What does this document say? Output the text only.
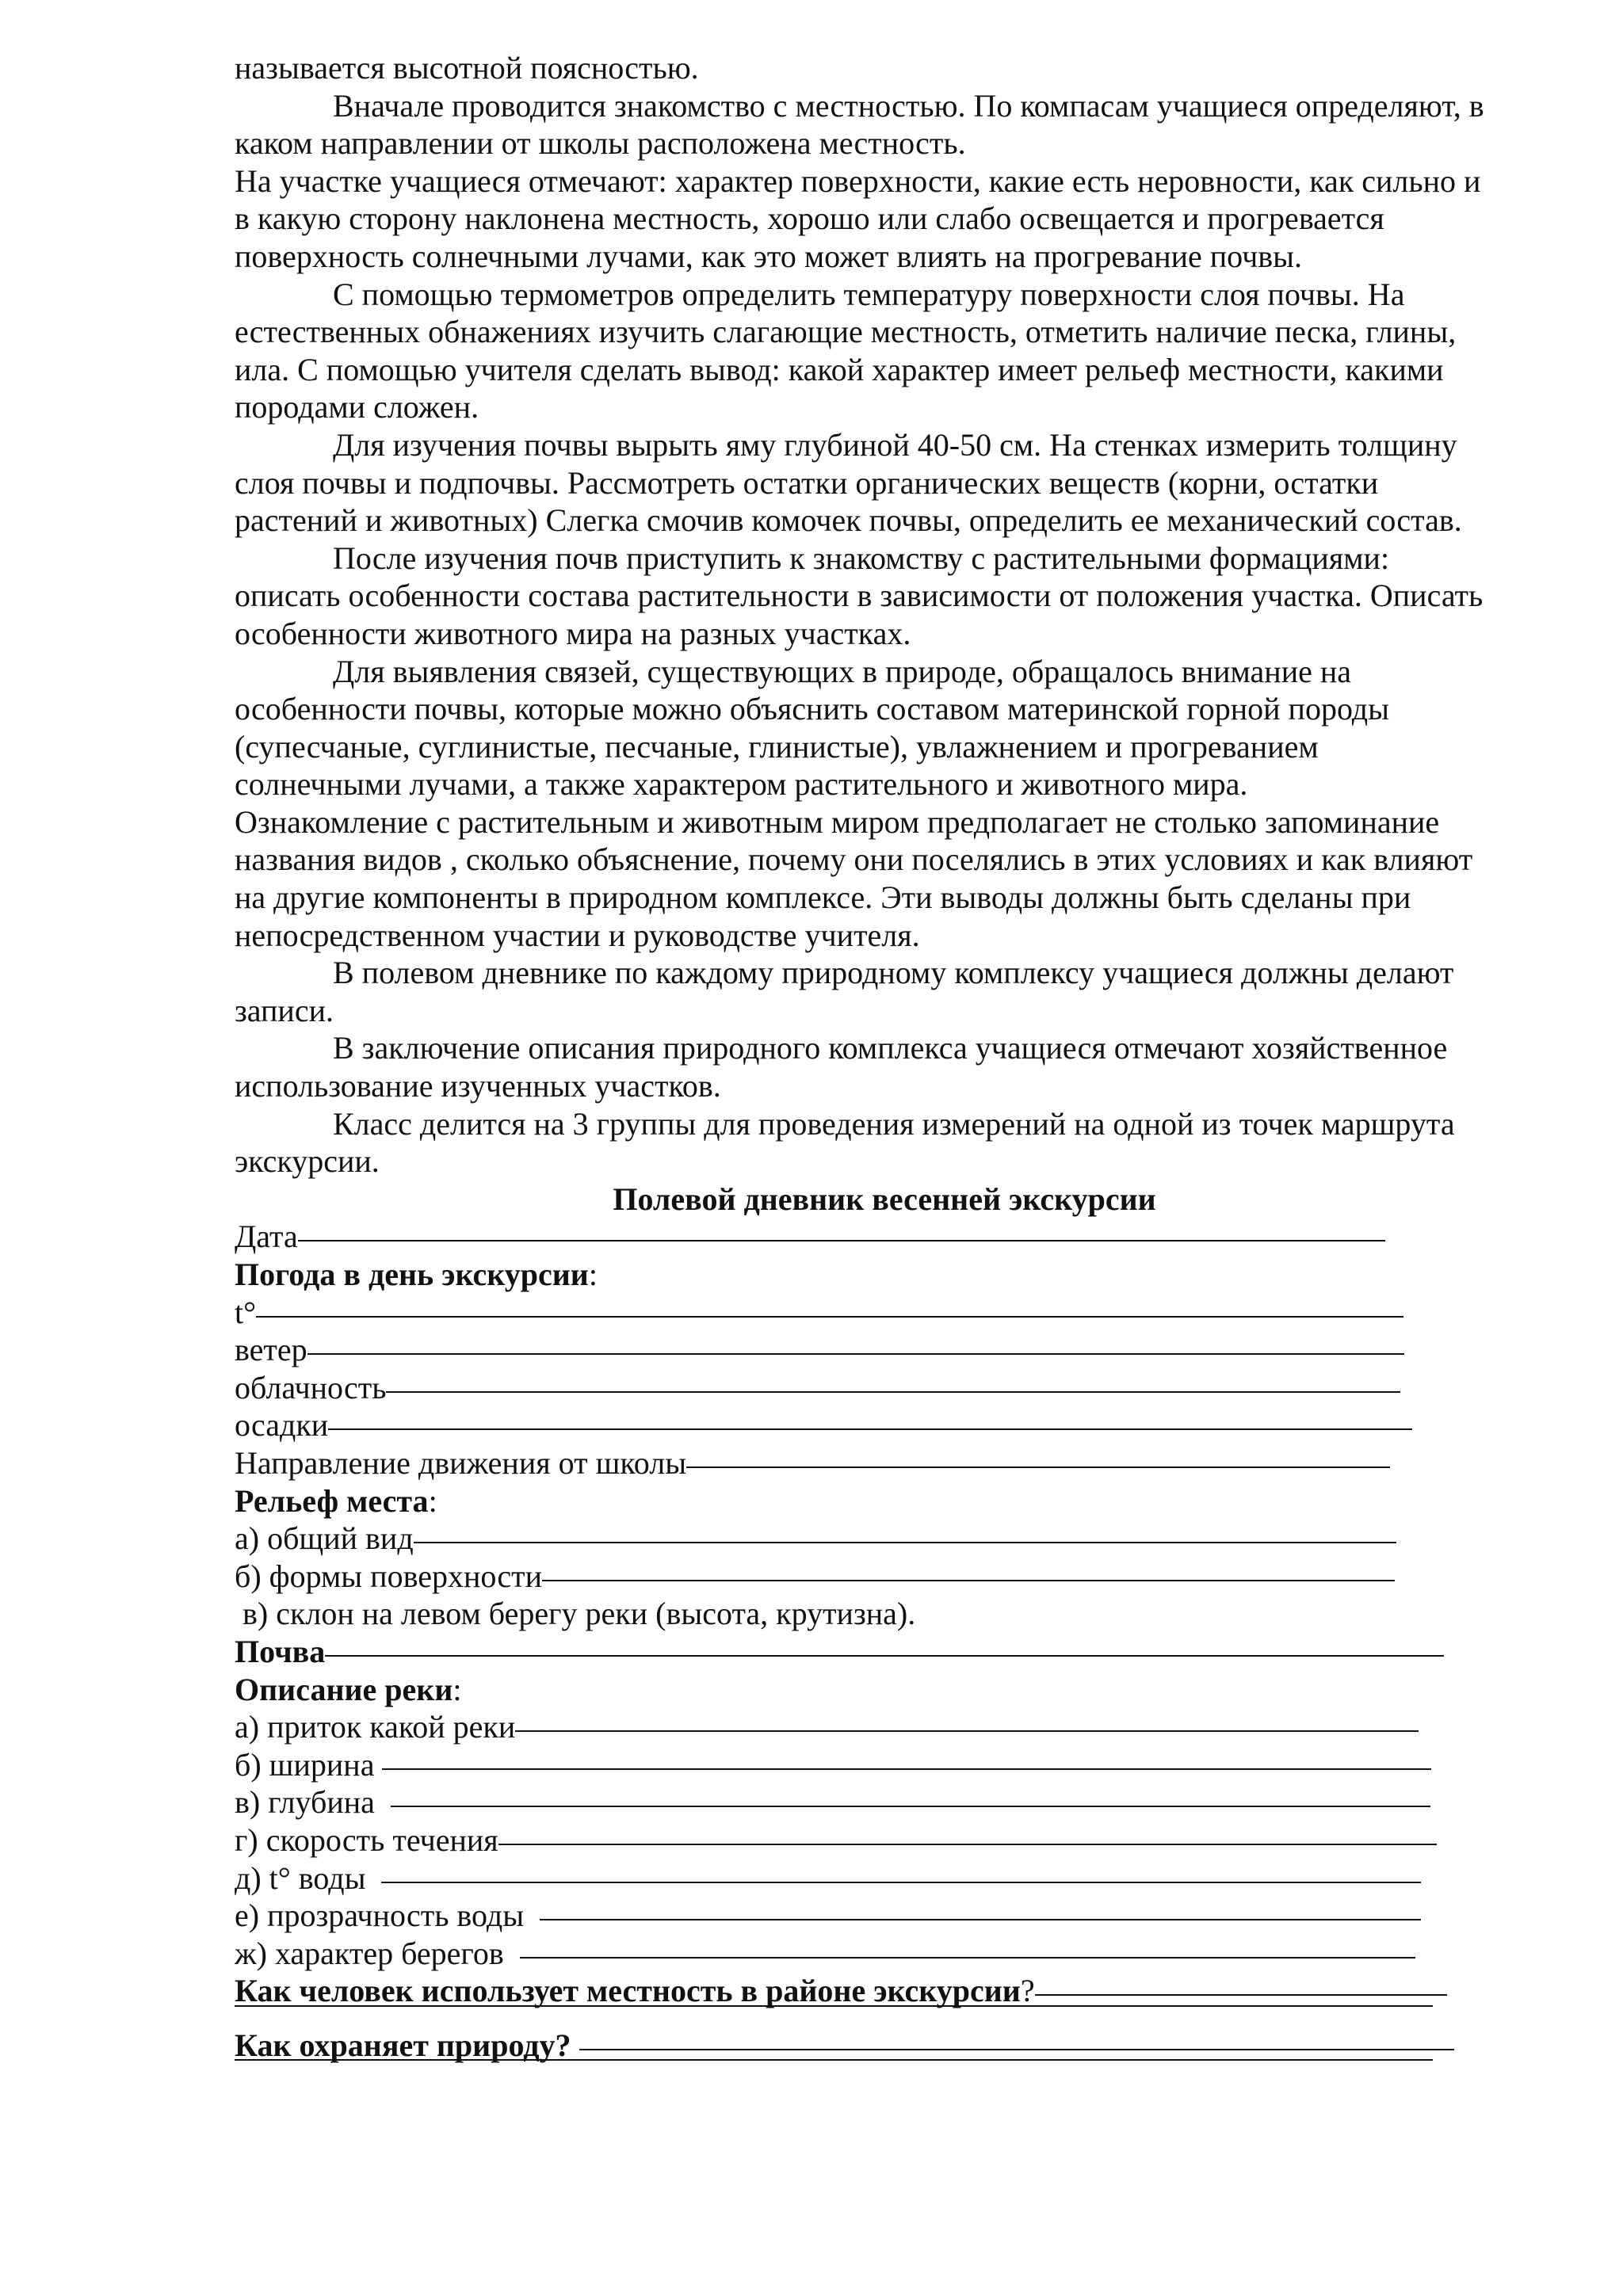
называется высотной поясностью.

Вначале проводится знакомство с местностью. По компасам учащиеся определяют, в каком направлении от школы расположена местность.

На участке учащиеся отмечают: характер поверхности, какие есть неровности, как сильно и в какую сторону наклонена местность, хорошо или слабо освещается и прогревается поверхность солнечными лучами, как это может влиять на прогревание почвы.

С помощью термометров определить температуру поверхности слоя почвы. На естественных обнажениях изучить слагающие местность, отметить наличие песка, глины, ила. С помощью учителя сделать вывод: какой характер имеет рельеф местности, какими породами сложен.

Для изучения почвы вырыть яму глубиной 40-50 см. На стенках измерить толщину слоя почвы и подпочвы. Рассмотреть остатки органических веществ (корни, остатки растений и животных) Слегка смочив комочек почвы, определить ее механический состав.

После изучения почв приступить к знакомству с растительными формациями: описать особенности состава растительности в зависимости от положения участка. Описать особенности животного мира на разных участках.

Для выявления связей, существующих в природе, обращалось внимание на особенности почвы, которые можно объяснить составом материнской горной породы (супесчаные, суглинистые, песчаные, глинистые), увлажнением и прогреванием солнечными лучами, а также характером растительного и животного мира.

Ознакомление с растительным и животным миром предполагает не столько запоминание названия видов , сколько объяснение, почему они поселялись в этих условиях и как влияют на другие компоненты в природном комплексе. Эти выводы должны быть сделаны при непосредственном участии и руководстве учителя.

В полевом дневнике по каждому природному комплексу учащиеся должны делают записи.

В заключение описания природного комплекса учащиеся отмечают хозяйственное использование изученных участков.

Класс делится на 3 группы для проведения измерений на одной из точек маршрута экскурсии.

Полевой дневник весенней экскурсии

Дата
Погода в день экскурсии:
t°
ветер
облачность
осадки
Направление движения от школы
Рельеф места:
а) общий вид
б) формы поверхности
в) склон на левом берегу реки (высота, крутизна).
Почва
Описание реки:
а) приток какой реки
б) ширина
в) глубина
г) скорость течения
д) t° воды
е) прозрачность воды
ж) характер берегов
Как человек использует местность в районе экскурсии?
Как охраняет природу?
